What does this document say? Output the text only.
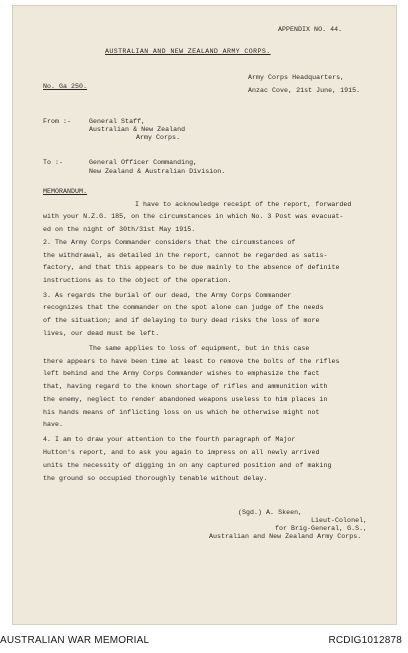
APPENDIX NO. 44.
AUSTRALIAN AND NEW ZEALAND ARMY CORPS.
No. Ga 250.
Army Corps Headquarters,
Anzac Cove, 21st June, 1915.
From :-	General Staff,
Australian & New Zealand
Army Corps.
To :-	General Officer Commanding,
New Zealand & Australian Division.
MEMORANDUM.
I have to acknowledge receipt of the report, forwarded
with your N.Z.G. 185, on the circumstances in which No. 3 Post was evacuat-
ed on the night of 30th/31st May 1915.
2. The Army Corps Commander considers that the circumstances of
the withdrawal, as detailed in the report, cannot be regarded as satis-
factory, and that this appears to be due mainly to the absence of definite
instructions as to the object of the operation.
3. As regards the burial of our dead, the Army Corps Commander
recognizes that the commander on the spot alone can judge of the needs
of the situation; and if delaying to bury dead risks the loss of more
lives, our dead must be left.
The same applies to loss of equipment, but in this case
there appears to have been time at least to remove the bolts of the rifles
left behind and the Army Corps Commander wishes to emphasize the fact
that, having regard to the known shortage of rifles and ammunition with
the enemy, neglect to render abandoned weapons useless to him places in
his hands means of inflicting loss on us which he otherwise might not
have.
4. I am to draw your attention to the fourth paragraph of Major
Hutton's report, and to ask you again to impress on all newly arrived
units the necessity of digging in on any captured position and of making
the ground so occupied thoroughly tenable without delay.
(Sgd.) A. Skeen,
Lieut-Colonel,
for Brig-General, G.S.,
Australian and New Zealand Army Corps.
AUSTRALIAN WAR MEMORIAL	RCDIG1012878
